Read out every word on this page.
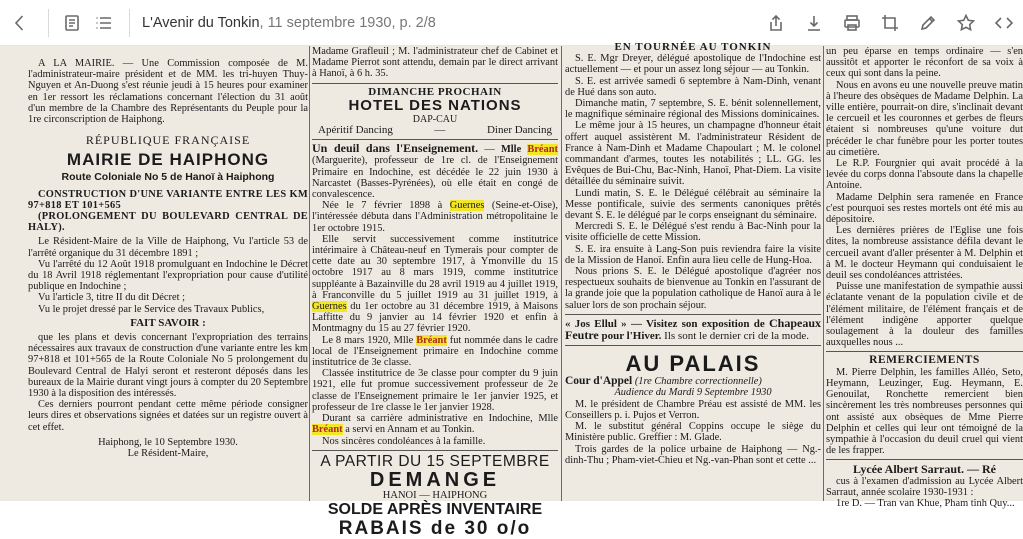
L'Avenir du Tonkin, 11 septembre 1930, p. 2/8

A LA MAIRIE. — Une Commission composée de M. l'administrateur-maire président et de MM. les tri-huyen Thuy-Nguyen et An-Duong s'est réunie jeudi à 15 heures pour examiner en 1er ressort les réclamations concernant l'élection du 31 août d'un membre de la Chambre des Représentants du Peuple pour la 1re circonscription de Haiphong.

RÉPUBLIQUE FRANÇAISE
MAIRIE DE HAIPHONG
Route Coloniale No 5 de Hanoï à Haiphong

CONSTRUCTION D'UNE VARIANTE ENTRE LES KM 97+818 ET 101+565

(PROLONGEMENT DU BOULEVARD CENTRAL DE HALY).

Le Résident-Maire de la Ville de Haiphong, Vu l'article 53 de l'arrêté organique du 31 décembre 1891 ;

Vu l'arrêté du 12 Août 1918 promulguant en Indochine le Décret du 18 Avril 1918 réglementant l'expropriation pour cause d'utilité publique en Indochine ;

Vu l'article 3, titre II du dit Décret ;

Vu le projet dressé par le Service des Travaux Publics,

FAIT SAVOIR :

que les plans et devis concernant l'expropriation des terrains nécessaires aux travaux de construction d'une variante entre les km 97+818 et 101+565 de la Route Coloniale No 5 prolongement du Boulevard Central de Halyi seront et resteront déposés dans les bureaux de la Mairie durant vingt jours à compter du 20 Septembre 1930 à la disposition des intéressés.

Ces derniers pourront pendant cette même période consigner leurs dires et observations signées et datées sur un registre ouvert à cet effet.

Haiphong, le 10 Septembre 1930.

Le Résident-Maire,

Madame Grafleuil ; M. l'administrateur chef de Cabinet et Madame Pierrot sont attendu, demain par le direct arrivant à Hanoï, à 6 h. 35.

DIMANCHE PROCHAIN
HOTEL DES NATIONS
DAP-CAU
Apéritif Dancing	—	Diner Dancing

Un deuil dans l'Enseignement. — Mlle Bréant (Marguerite), professeur de 1re cl. de l'Enseignement Primaire en Indochine, est décédée le 22 juin 1930 à Narcastet (Basses-Pyrénées), où elle était en congé de convalescence.

Née le 7 février 1898 à Guernes (Seine-et-Oise), l'intéressée débuta dans l'Administration métropolitaine le 1er octobre 1915.

Elle servit successivement comme institutrice intérimaire à Château-neuf en Tymerais pour compter de cette date au 30 septembre 1917, à Ymonville du 15 octobre 1917 au 8 mars 1919, comme institutrice suppléante à Bazainville du 28 avril 1919 au 4 juillet 1919, à Franconville du 5 juillet 1919 au 31 juillet 1919, à Guernes du 1er octobre au 31 décembre 1919, à Maisons Laffitte du 9 janvier au 14 février 1920 et enfin à Montmagny du 15 au 27 février 1920.

Le 8 mars 1920, Mlle Bréant fut nommée dans le cadre local de l'Enseignement primaire en Indochine comme institutrice de 3e classe.

Classée institutrice de 3e classe pour compter du 9 juin 1921, elle fut promue successivement professeur de 2e classe de l'Enseignement primaire le 1er janvier 1925, et professeur de 1re classe le 1er janvier 1928.

Durant sa carrière administrative en Indochine, Mlle Bréant a servi en Annam et au Tonkin.

Nos sincères condoléances à la famille.

A PARTIR DU 15 SEPTEMBRE
DEMANGE
HANOI — HAIPHONG
SOLDE APRÈS INVENTAIRE
RABAIS de 30 o/o
EN TOURNÉE AU TONKIN

S. E. Mgr Dreyer, délégué apostolique de l'Indochine est actuellement — et pour un assez long séjour — au Tonkin.

S. E. est arrivée samedi 6 septembre à Nam-Dinh, venant de Hué dans son auto.

Dimanche matin, 7 septembre, S. E. bénit solennellement, le magnifique séminaire régional des Missions dominicaines.

Le même jour à 15 heures, un champagne d'honneur était offert auquel assistèrent M. l'administrateur Résident de France à Nam-Dinh et Madame Chapoulart ; M. le colonel commandant d'armes, toutes les notabilités ; LL. GG. les Evêques de Bui-Chu, Bac-Ninh, Hanoï, Phat-Diem. La visite détaillée du séminaire suivit.

Lundi matin, S. E. le Délégué célébrait au séminaire la Messe pontificale, suivie des serments canoniques prêtés devant S. E. le délégué par le corps enseignant du séminaire.

Mercredi S. E. le Délégué s'est rendu à Bac-Ninh pour la visite officielle de cette Mission.

S. E. ira ensuite à Lang-Son puis reviendra faire la visite de la Mission de Hanoï. Enfin aura lieu celle de Hung-Hoa.

Nous prions S. E. le Délégué apostolique d'agréer nos respectueux souhaits de bienvenue au Tonkin en l'assurant de la grande joie que la population catholique de Hanoï aura à le saluer lors de son prochain séjour.

« Jos Ellul » — Visitez son exposition de Chapeaux Feutre pour l'Hiver. Ils sont le dernier cri de la mode.

AU PALAIS

Cour d'Appel (1re Chambre correctionnelle)

Audience du Mardi 9 Septembre 1930

M. le président de Chambre Préau est assisté de MM. les Conseillers p. i. Pujos et Verron.

M. le substitut général Coppins occupe le siège du Ministère public. Greffier : M. Glade.

Trois gardes de la police urbaine de Haiphong — Ng.-dinh-Thu ; Pham-viet-Chieu et Ng.-van-Phan sont et cette ...

un peu éparse en temps ordinaire — s'en aussitôt et apporter le réconfort de sa voix à ceux qui sont dans la peine.

Nous en avons eu une nouvelle preuve matin à l'heure des obsèques de Madame Delphin. La ville entière, pourrait-on dire, s'inclinait devant le cercueil et les couronnes et gerbes de fleurs étaient si nombreuses qu'une voiture dut précéder le char funèbre pour les porter toutes au cimetière.

Le R.P. Fourgnier qui avait procédé à la levée du corps donna l'absoute dans la chapelle Antoine.

Madame Delphin sera ramenée en France c'est pourquoi ses restes mortels ont été mis au dépositoire.

Les dernières prières de l'Eglise une fois dites, la nombreuse assistance défila devant le cercueil avant d'aller présenter à M. Delphin et à M. le docteur Heymann qui conduisaient le deuil ses condoléances attristées.

Puisse une manifestation de sympathie aussi éclatante venant de la population civile et de l'élément militaire, de l'élément français et de l'élément indigène apporter quelque soulagement à la douleur des familles auxquelles nous ...

REMERCIEMENTS

M. Pierre Delphin, les familles Alléo, Seto, Heymann, Leuzinger, Eug. Heymann, E. Genouilat, Ronchette remercient bien sincèrement les très nombreuses personnes qui ont assisté aux obsèques de Mme Pierre Delphin et celles qui leur ont témoigné de la sympathie à l'occasion du deuil cruel qui vient de les frapper.

Lycée Albert Sarraut. — Ré

cus à l'examen d'admission au Lycée Albert Sarraut, année scolaire 1930-1931 :

1re D. — Tran van Khue, Pham tinh Quy...
